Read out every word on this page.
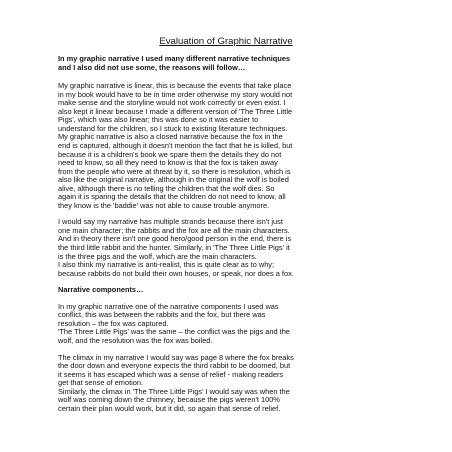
Evaluation of Graphic Narrative
In my graphic narrative I used many different narrative techniques
and I also did not use some, the reasons will follow…
My graphic narrative is linear, this is because the events that take place
in my book would have to be in time order otherwise my story would not
make sense and the storyline would not work correctly or even exist. I
also kept it linear because I made a different version of 'The Three Little
Pigs', which was also linear; this was done so it was easier to
understand for the children, so I stuck to existing literature techniques.
My graphic narrative is also a closed narrative because the fox in the
end is captured, although it doesn't mention the fact that he is killed, but
because it is a children's book we spare them the details they do not
need to know, so all they need to know is that the fox is taken away
from the people who were at threat by it, so there is resolution, which is
also like the original narrative, although in the original the wolf is boiled
alive, although there is no telling the children that the wolf dies. So
again it is sparing the details that the children do not need to know, all
they know is the 'baddie' was not able to cause trouble anymore.
I would say my narrative has multiple strands because there isn't just
one main character; the rabbits and the fox are all the main characters.
And in theory there isn't one good hero/good person in the end, there is
the third little rabbit and the hunter. Similarly, in 'The Three Little Pigs' it
is the three pigs and the wolf, which are the main characters.
I also think my narrative is anti-realist, this is quite clear as to why;
because rabbits do not build their own houses, or speak, nor does a fox.
Narrative components…
In my graphic narrative one of the narrative components I used was
conflict, this was between the rabbits and the fox, but there was
resolution – the fox was captured.
'The Three Little Pigs' was the same – the conflict was the pigs and the
wolf, and the resolution was the fox was boiled.
The climax in my narrative I would say was page 8 where the fox breaks
the door down and everyone expects the third rabbit to be doomed, but
it seems it has escaped which was a sense of relief - making readers
get that sense of emotion.
Similarly, the climax in 'The Three Little Pigs' I would say was when the
wolf was coming down the chimney, because the pigs weren't 100%
certain their plan would work, but it did, so again that sense of relief.
